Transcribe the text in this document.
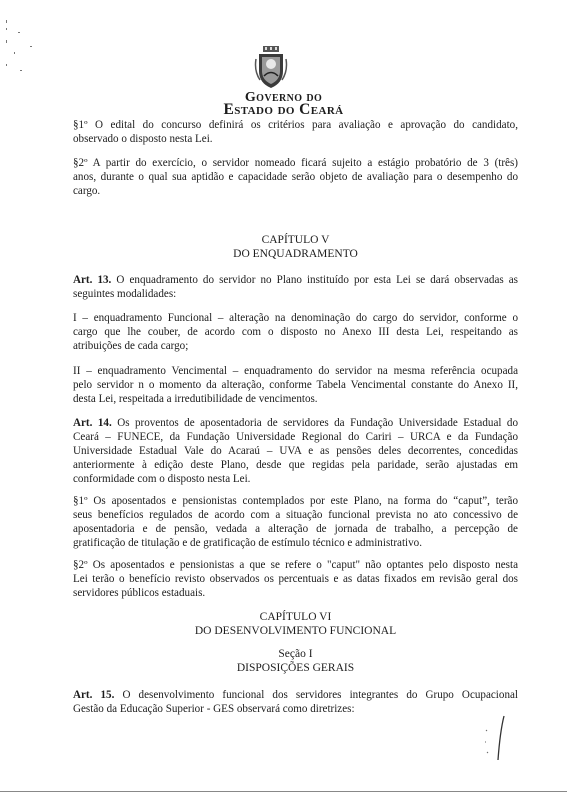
Governo do
Estado do Ceará
§1º O edital do concurso definirá os critérios para avaliação e aprovação do candidato,
observado o disposto nesta Lei.
§2º A partir do exercício, o servidor nomeado ficará sujeito a estágio probatório de 3 (três)
anos, durante o qual sua aptidão e capacidade serão objeto de avaliação para o desempenho do
cargo.
CAPÍTULO V
DO ENQUADRAMENTO
Art. 13. O enquadramento do servidor no Plano instituído por esta Lei se dará observadas as
seguintes modalidades:
I – enquadramento Funcional – alteração na denominação do cargo do servidor, conforme o
cargo que lhe couber, de acordo com o disposto no Anexo III desta Lei, respeitando as
atribuições de cada cargo;
II – enquadramento Vencimental – enquadramento do servidor na mesma referência ocupada
pelo servidor n o momento da alteração, conforme Tabela Vencimental constante do Anexo II,
desta Lei, respeitada a irredutibilidade de vencimentos.
Art. 14. Os proventos de aposentadoria de servidores da Fundação Universidade Estadual do
Ceará – FUNECE, da Fundação Universidade Regional do Cariri – URCA e da Fundação
Universidade Estadual Vale do Acaraú – UVA e as pensões deles decorrentes, concedidas
anteriormente à edição deste Plano, desde que regidas pela paridade, serão ajustadas em
conformidade com o disposto nesta Lei.
§1º Os aposentados e pensionistas contemplados por este Plano, na forma do “caput”, terão
seus benefícios regulados de acordo com a situação funcional prevista no ato concessivo de
aposentadoria e de pensão, vedada a alteração de jornada de trabalho, a percepção de
gratificação de titulação e de gratificação de estímulo técnico e administrativo.
§2º Os aposentados e pensionistas a que se refere o "caput" não optantes pelo disposto nesta
Lei terão o benefício revisto observados os percentuais e as datas fixados em revisão geral dos
servidores públicos estaduais.
CAPÍTULO VI
DO DESENVOLVIMENTO FUNCIONAL
Seção I
DISPOSIÇÕES GERAIS
Art. 15. O desenvolvimento funcional dos servidores integrantes do Grupo Ocupacional
Gestão da Educação Superior - GES observará como diretrizes:
